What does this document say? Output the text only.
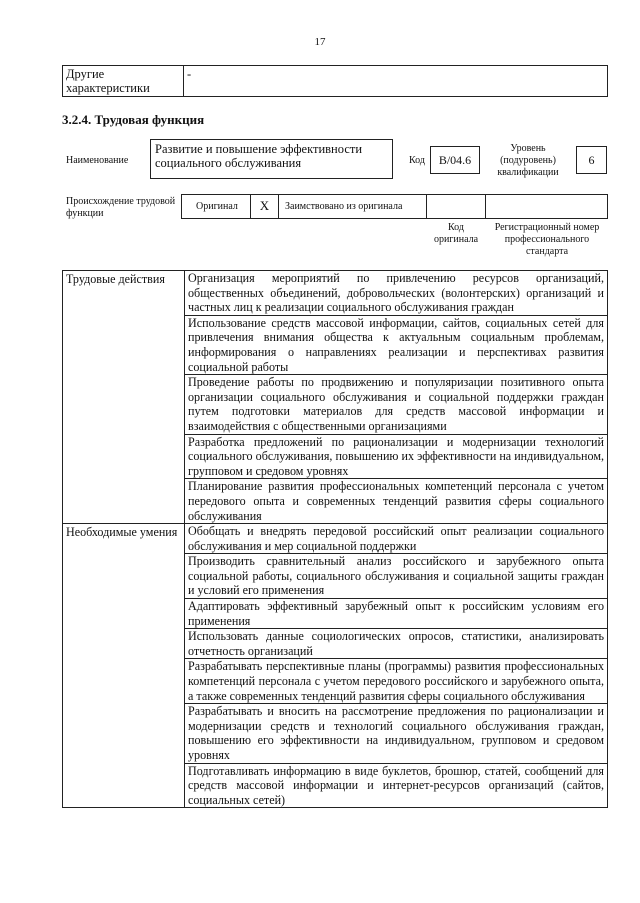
17
Другие характеристики	-
3.2.4. Трудовая функция
Наименование
Развитие и повышение эффективности социального обслуживания	Код	B/04.6
Уровень (подуровень) квалификации
6
Происхождение трудовой функции
Оригинал	X	Заимствовано из оригинала
Код оригинала
Регистрационный номер профессионального стандарта
Трудовые действия	Организация мероприятий по привлечению ресурсов организаций, общественных объединений, добровольческих (волонтерских) организаций и частных лиц к реализации социального обслуживания граждан
	Использование средств массовой информации, сайтов, социальных сетей для привлечения внимания общества к актуальным социальным проблемам, информирования о направлениях реализации и перспективах развития социальной работы
	Проведение работы по продвижению и популяризации позитивного опыта организации социального обслуживания и социальной поддержки граждан путем подготовки материалов для средств массовой информации и взаимодействия с общественными организациями
	Разработка предложений по рационализации и модернизации технологий социального обслуживания, повышению их эффективности на индивидуальном, групповом и средовом уровнях
	Планирование развития профессиональных компетенций персонала с учетом передового опыта и современных тенденций развития сферы социального обслуживания
Необходимые умения	Обобщать и внедрять передовой российский опыт реализации социального обслуживания и мер социальной поддержки
	Производить сравнительный анализ российского и зарубежного опыта социальной работы, социального обслуживания и социальной защиты граждан и условий его применения
	Адаптировать эффективный зарубежный опыт к российским условиям его применения
	Использовать данные социологических опросов, статистики, анализировать отчетность организаций
	Разрабатывать перспективные планы (программы) развития профессиональных компетенций персонала с учетом передового российского и зарубежного опыта, а также современных тенденций развития сферы социального обслуживания
	Разрабатывать и вносить на рассмотрение предложения по рационализации и модернизации средств и технологий социального обслуживания граждан, повышению его эффективности на индивидуальном, групповом и средовом уровнях
	Подготавливать информацию в виде буклетов, брошюр, статей, сообщений для средств массовой информации и интернет-ресурсов организаций (сайтов, социальных сетей)
